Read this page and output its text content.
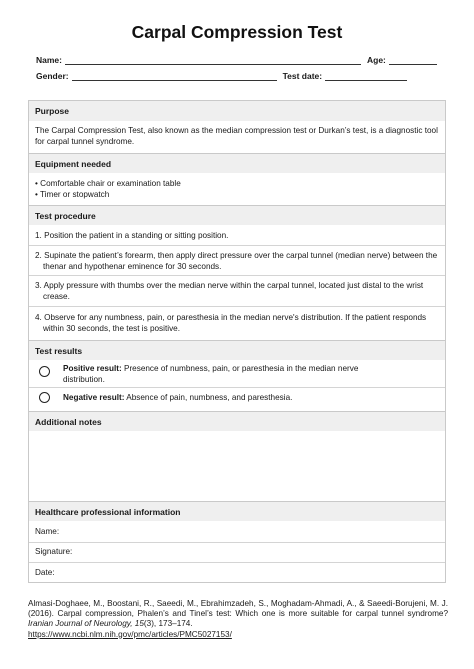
Carpal Compression Test
Name:	Age:
Gender:	Test date:
Purpose
The Carpal Compression Test, also known as the median compression test or Durkan’s test, is a diagnostic tool for carpal tunnel syndrome.
Equipment needed
• Comfortable chair or examination table
• Timer or stopwatch
Test procedure
1. Position the patient in a standing or sitting position.
2. Supinate the patient’s forearm, then apply direct pressure over the carpal tunnel (median nerve) between the thenar and hypothenar eminence for 30 seconds.
3. Apply pressure with thumbs over the median nerve within the carpal tunnel, located just distal to the wrist crease.
4. Observe for any numbness, pain, or paresthesia in the median nerve's distribution. If the patient responds within 30 seconds, the test is positive.
Test results
Positive result: Presence of numbness, pain, or paresthesia in the median nerve distribution.
Negative result: Absence of pain, numbness, and paresthesia.
Additional notes
Healthcare professional information
Name:
Signature:
Date:
Almasi-Doghaee, M., Boostani, R., Saeedi, M., Ebrahimzadeh, S., Moghadam-Ahmadi, A., & Saeedi-Borujeni, M. J. (2016). Carpal compression, Phalen’s and Tinel’s test: Which one is more suitable for carpal tunnel syndrome? Iranian Journal of Neurology, 15(3), 173–174.
https://www.ncbi.nlm.nih.gov/pmc/articles/PMC5027153/
